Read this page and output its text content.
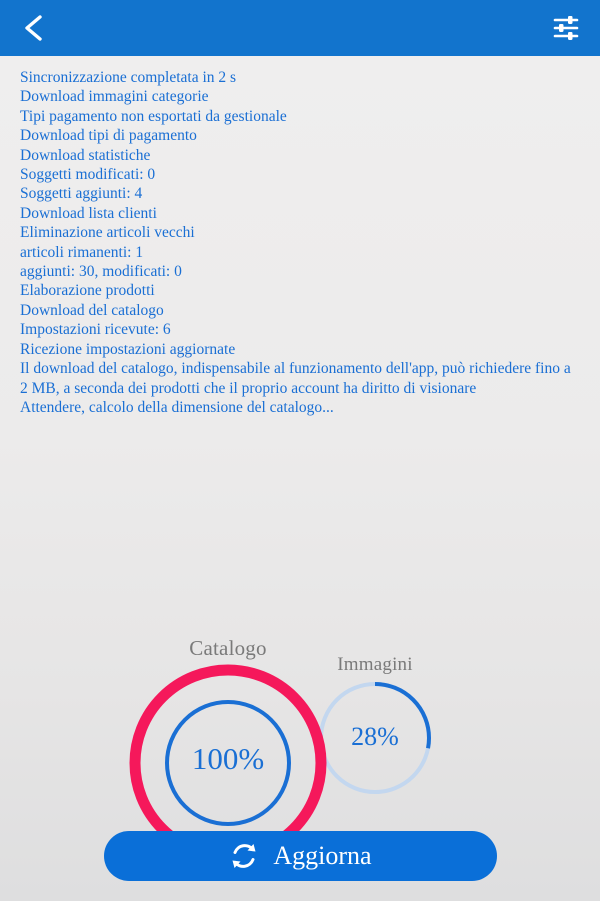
Sincronizzazione completata in 2 s
Download immagini categorie
Tipi pagamento non esportati da gestionale
Download tipi di pagamento
Download statistiche
Soggetti modificati: 0
Soggetti aggiunti: 4
Download lista clienti
Eliminazione articoli vecchi
articoli rimanenti: 1
aggiunti: 30, modificati: 0
Elaborazione prodotti
Download del catalogo
Impostazioni ricevute: 6
Ricezione impostazioni aggiornate
Il download del catalogo, indispensabile al funzionamento dell'app, può richiedere fino a 2 MB, a seconda dei prodotti che il proprio account ha diritto di visionare
Attendere, calcolo della dimensione del catalogo...
Immagini
28%
Catalogo
100%
Aggiorna
